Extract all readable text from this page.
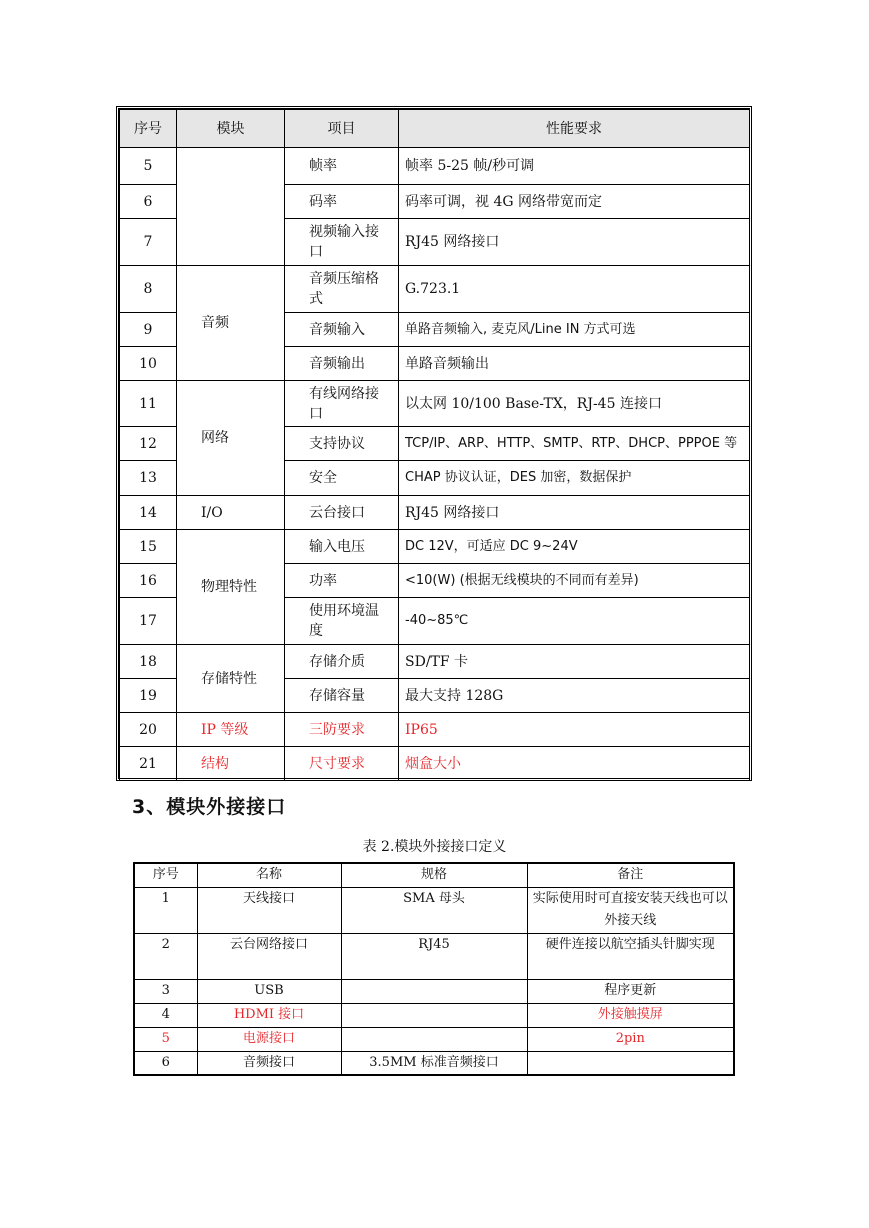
序号	模块	项目	性能要求
5		帧率	帧率 5-25 帧/秒可调
6		码率	码率可调，视 4G 网络带宽而定
7		视频输入接口	RJ45 网络接口
8	音频	音频压缩格式	G.723.1
9		音频输入	单路音频输入, 麦克风/Line IN 方式可选
10		音频输出	单路音频输出
11	网络	有线网络接口	以太网 10/100 Base-TX，RJ-45 连接口
12		支持协议	TCP/IP、ARP、HTTP、SMTP、RTP、DHCP、PPPOE 等
13		安全	CHAP 协议认证，DES 加密，数据保护
14	I/O	云台接口	RJ45 网络接口
15	物理特性	输入电压	DC 12V，可适应 DC 9~24V
16		功率	<10(W) (根据无线模块的不同而有差异)
17		使用环境温度	-40~85℃
18	存储特性	存储介质	SD/TF 卡
19		存储容量	最大支持 128G
20	IP 等级	三防要求	IP65
21	结构	尺寸要求	烟盒大小
3、模块外接接口
表 2.模块外接接口定义
序号	名称	规格	备注
1	天线接口	SMA 母头	实际使用时可直接安装天线也可以外接天线
2	云台网络接口	RJ45	硬件连接以航空插头针脚实现
3	USB		程序更新
4	HDMI 接口		外接触摸屏
5	电源接口		2pin
6	音频接口	3.5MM 标准音频接口	
